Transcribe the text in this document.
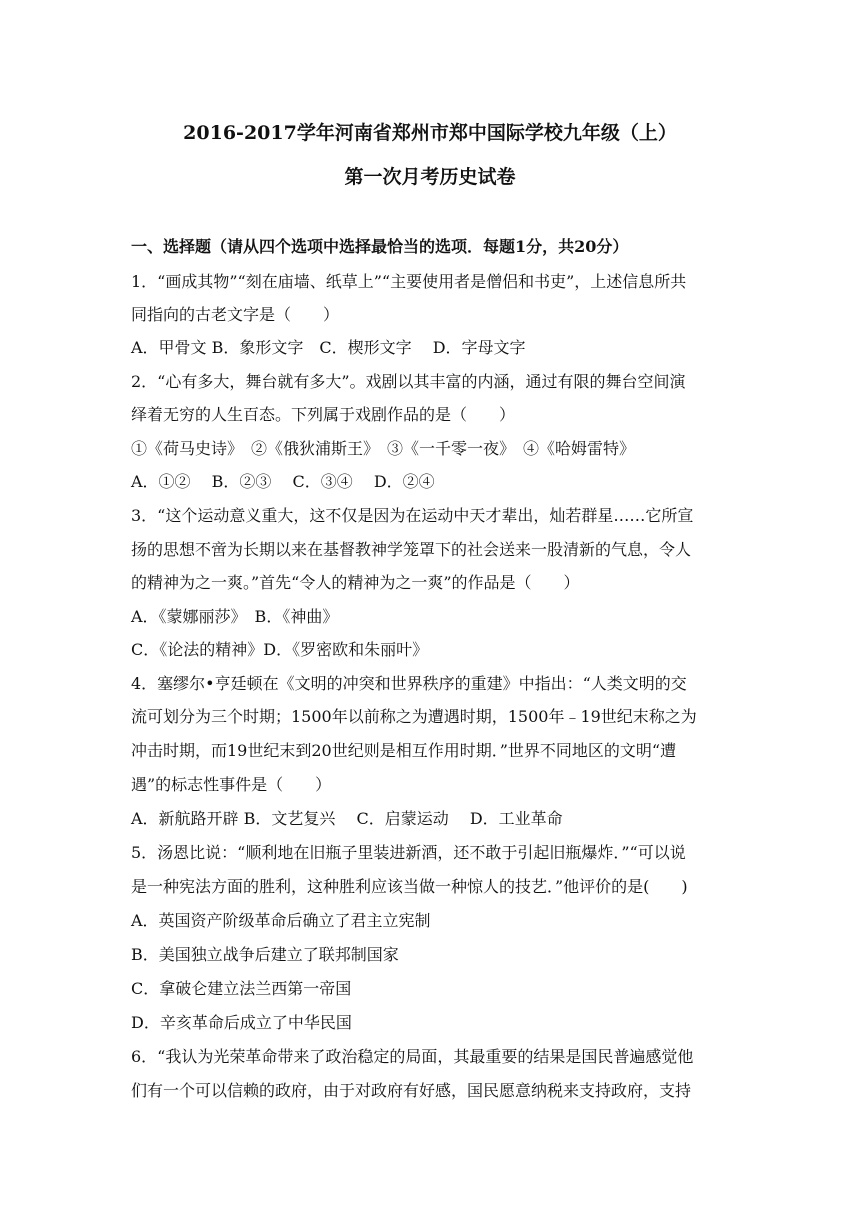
2016-2017学年河南省郑州市郑中国际学校九年级（上）
第一次月考历史试卷
一、选择题（请从四个选项中选择最恰当的选项．每题1分，共20分）
1．“画成其物”“刻在庙墙、纸草上”“主要使用者是僧侣和书吏”，上述信息所共
同指向的古老文字是（　　）
A．甲骨文 B．象形文字　C．楔形文字　 D．字母文字
2．“心有多大，舞台就有多大”。戏剧以其丰富的内涵，通过有限的舞台空间演
绎着无穷的人生百态。下列属于戏剧作品的是（　　）
①《荷马史诗》　②《俄狄浦斯王》　③《一千零一夜》　④《哈姆雷特》
A．①②　 B．②③　 C．③④　 D．②④
3．“这个运动意义重大，这不仅是因为在运动中天才辈出，灿若群星……它所宣
扬的思想不啻为长期以来在基督教神学笼罩下的社会送来一股清新的气息，令人
的精神为之一爽。”首先“令人的精神为之一爽”的作品是（　　）
A．《蒙娜丽莎》　B．《神曲》
C．《论法的精神》D．《罗密欧和朱丽叶》
4．塞缪尔•亨廷顿在《文明的冲突和世界秩序的重建》中指出：“人类文明的交
流可划分为三个时期；1500年以前称之为遭遇时期，1500年﹣19世纪末称之为
冲击时期，而19世纪末到20世纪则是相互作用时期．”世界不同地区的文明“遭
遇”的标志性事件是（　　）
A．新航路开辟 B．文艺复兴　 C．启蒙运动　 D．工业革命
5．汤恩比说：“顺利地在旧瓶子里装进新酒，还不敢于引起旧瓶爆炸．”“可以说
是一种宪法方面的胜利，这种胜利应该当做一种惊人的技艺．”他评价的是(　　)
A．英国资产阶级革命后确立了君主立宪制
B．美国独立战争后建立了联邦制国家
C．拿破仑建立法兰西第一帝国
D．辛亥革命后成立了中华民国
6．“我认为光荣革命带来了政治稳定的局面，其最重要的结果是国民普遍感觉他
们有一个可以信赖的政府，由于对政府有好感，国民愿意纳税来支持政府，支持
